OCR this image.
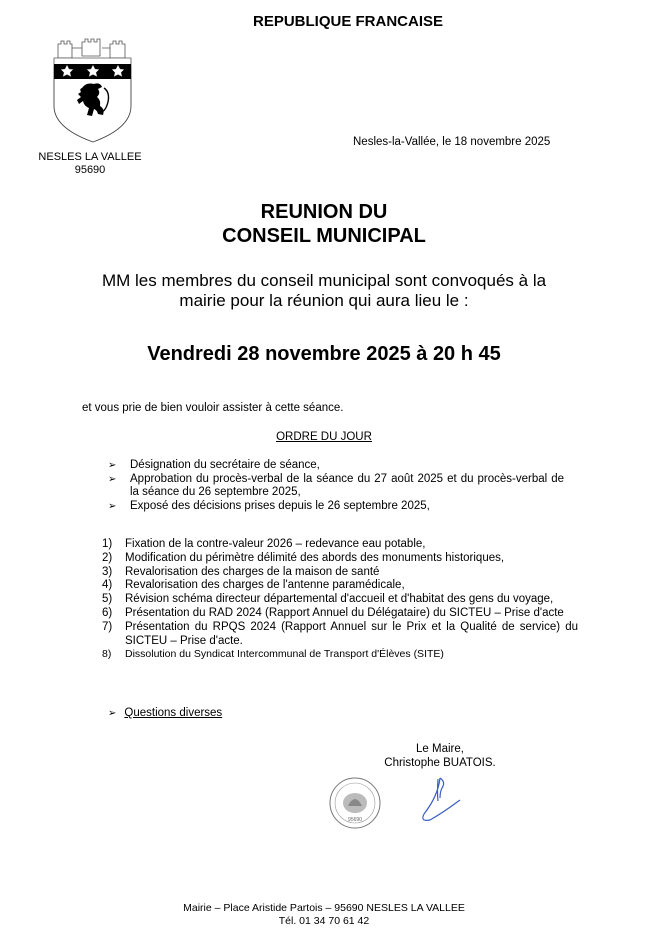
NESLES LA VALLEE
95690
REPUBLIQUE FRANCAISE
Nesles-la-Vallée, le 18 novembre 2025
REUNION DU
CONSEIL MUNICIPAL
MM les membres du conseil municipal sont convoqués à la
mairie pour la réunion qui aura lieu le :
Vendredi 28 novembre 2025 à 20 h 45
et vous prie de bien vouloir assister à cette séance.
ORDRE DU JOUR
➢ Désignation du secrétaire de séance,
➢ Approbation du procès-verbal de la séance du 27 août 2025 et du procès-verbal de la séance du 26 septembre 2025,
➢ Exposé des décisions prises depuis le 26 septembre 2025,
1) Fixation de la contre-valeur 2026 – redevance eau potable,
2) Modification du périmètre délimité des abords des monuments historiques,
3) Revalorisation des charges de la maison de santé
4) Revalorisation des charges de l'antenne paramédicale,
5) Révision schéma directeur départemental d'accueil et d'habitat des gens du voyage,
6) Présentation du RAD 2024 (Rapport Annuel du Délégataire) du SICTEU – Prise d'acte
7) Présentation du RPQS 2024 (Rapport Annuel sur le Prix et la Qualité de service) du SICTEU – Prise d'acte.
8) Dissolution du Syndicat Intercommunal de Transport d'Élèves (SITE)
➢ Questions diverses
Le Maire,
Christophe BUATOIS.
95690
Mairie – Place Aristide Partois – 95690 NESLES LA VALLEE
Tél. 01 34 70 61 42
